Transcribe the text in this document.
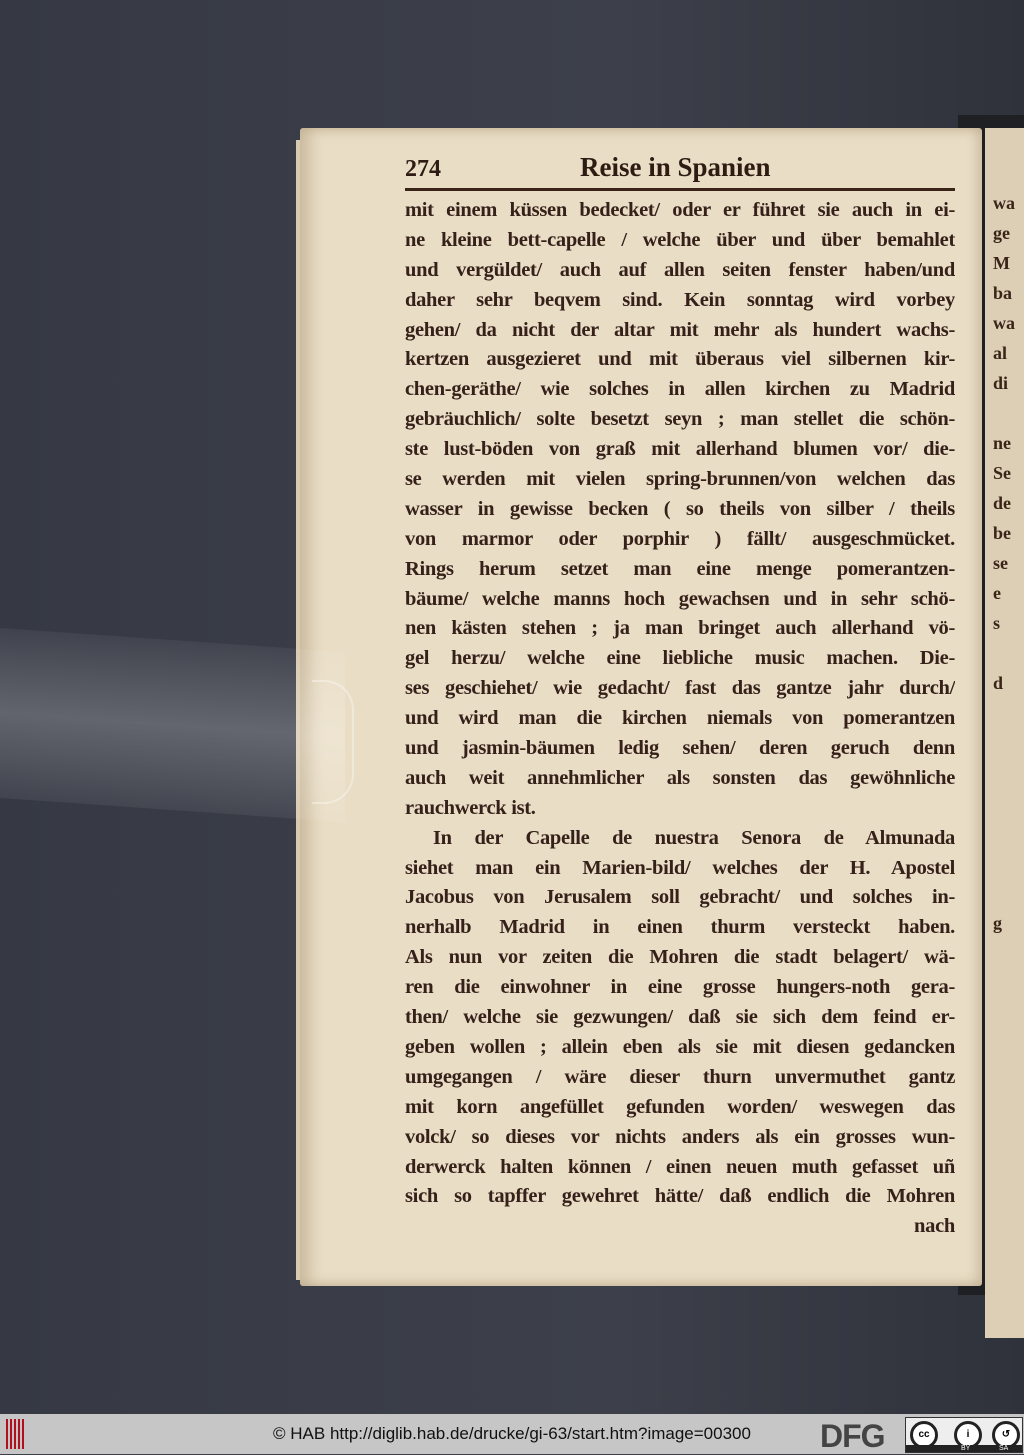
wa
ge
M
ba
wa
al
di

ne
Se
de
be
se
e
s

d

g
274	Reise in Spanien
mit einem küssen bedecket/ oder er führet sie auch in ei-
ne kleine bett-capelle / welche über und über bemahlet
und vergüldet/ auch auf allen seiten fenster haben/und
daher sehr beqvem sind. Kein sonntag wird vorbey
gehen/ da nicht der altar mit mehr als hundert wachs-
kertzen ausgezieret und mit überaus viel silbernen kir-
chen-geräthe/ wie solches in allen kirchen zu Madrid
gebräuchlich/ solte besetzt seyn ; man stellet die schön-
ste lust-böden von graß mit allerhand blumen vor/ die-
se werden mit vielen spring-brunnen/von welchen das
wasser in gewisse becken ( so theils von silber / theils
von marmor oder porphir ) fällt/ ausgeschmücket.
Rings herum setzet man eine menge pomerantzen-
bäume/ welche manns hoch gewachsen und in sehr schö-
nen kästen stehen ; ja man bringet auch allerhand vö-
gel herzu/ welche eine liebliche music machen. Die-
ses geschiehet/ wie gedacht/ fast das gantze jahr durch/
und wird man die kirchen niemals von pomerantzen
und jasmin-bäumen ledig sehen/ deren geruch denn
auch weit annehmlicher als sonsten das gewöhnliche
rauchwerck ist.
In der Capelle de nuestra Senora de Almunada
siehet man ein Marien-bild/ welches der H. Apostel
Jacobus von Jerusalem soll gebracht/ und solches in-
nerhalb Madrid in einen thurm versteckt haben.
Als nun vor zeiten die Mohren die stadt belagert/ wä-
ren die einwohner in eine grosse hungers-noth gera-
then/ welche sie gezwungen/ daß sie sich dem feind er-
geben wollen ; allein eben als sie mit diesen gedancken
umgegangen / wäre dieser thurn unvermuthet gantz
mit korn angefüllet gefunden worden/ weswegen das
volck/ so dieses vor nichts anders als ein grosses wun-
derwerck halten können / einen neuen muth gefasset uñ
sich so tapffer gewehret hätte/ daß endlich die Mohren
nach
© HAB http://diglib.hab.de/drucke/gi-63/start.htm?image=00300	DFG	cc	i	↺
BY	SA
